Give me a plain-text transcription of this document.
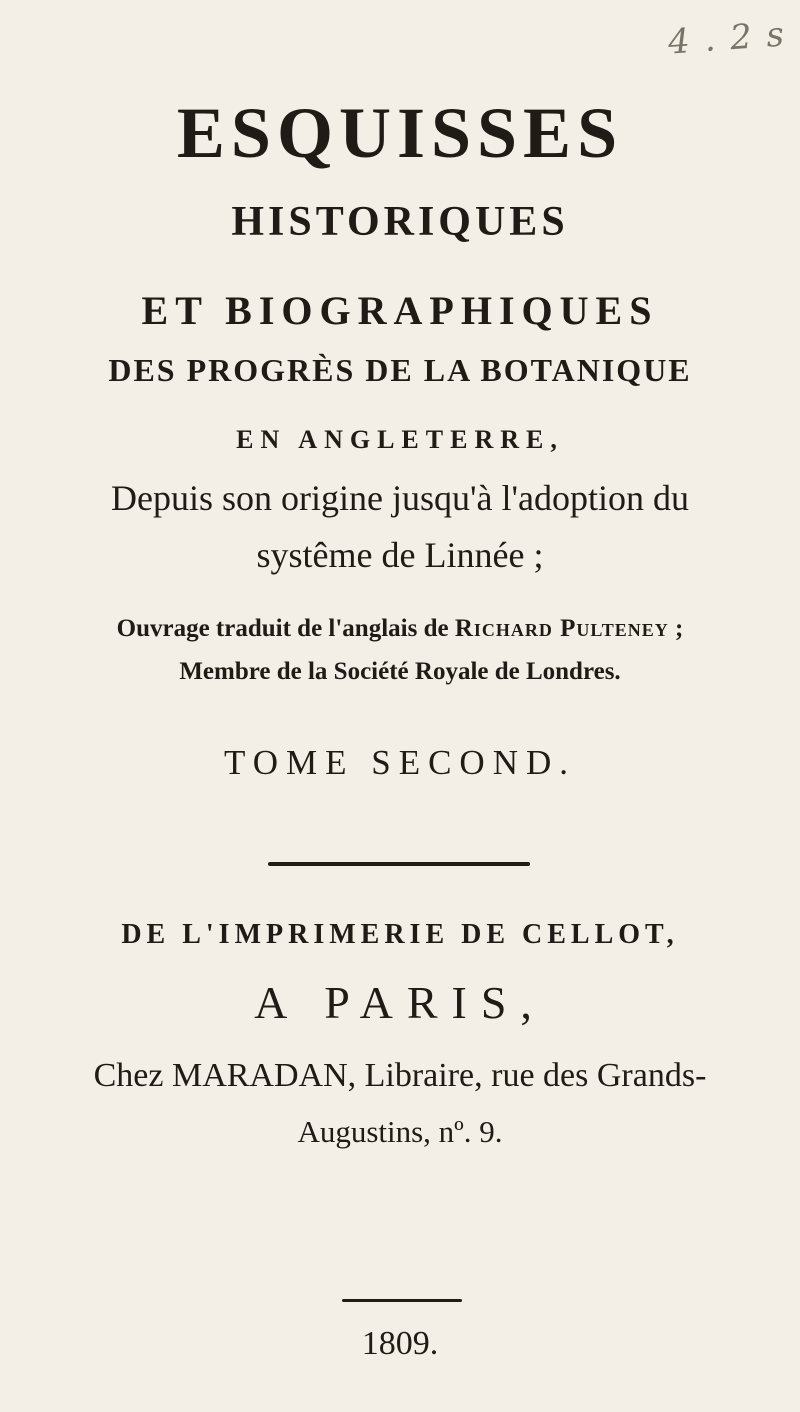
4 . 2 s
ESQUISSES
HISTORIQUES
ET BIOGRAPHIQUES
DES PROGRÈS DE LA BOTANIQUE
EN ANGLETERRE,
Depuis son origine jusqu'à l'adoption du
systême de Linnée ;
Ouvrage traduit de l'anglais de Richard Pulteney ;
Membre de la Société Royale de Londres.
TOME SECOND.
DE L'IMPRIMERIE DE CELLOT,
A PARIS,
Chez MARADAN, Libraire, rue des Grands-
Augustins, nº. 9.
1809.
